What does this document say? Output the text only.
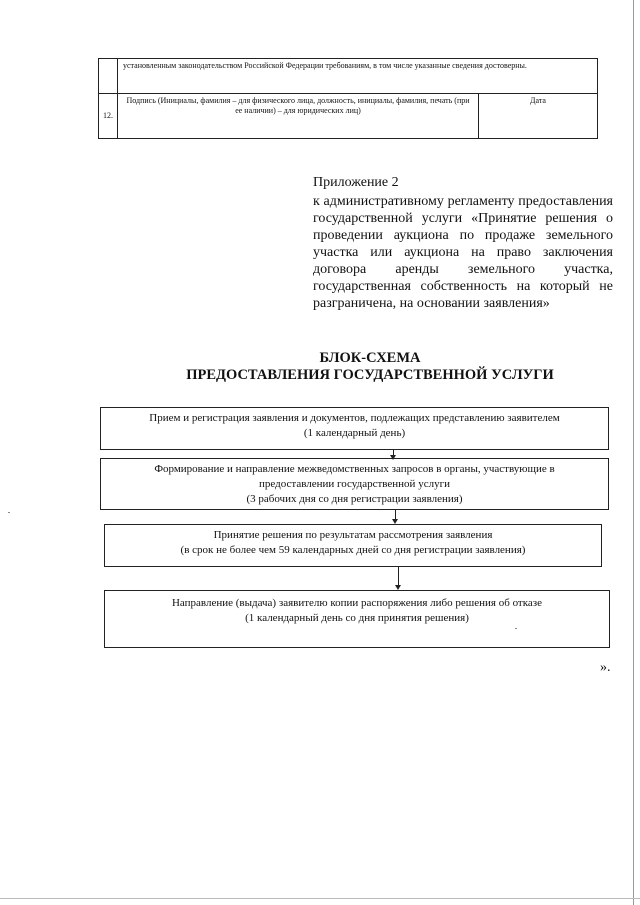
	установленным законодательством Российской Федерации требованиям, в том числе указанные сведения достоверны.	
12.	Подпись (Инициалы, фамилия – для физического лица, должность, инициалы, фамилия, печать (при ее наличии) – для юридических лиц)	Дата
Приложение 2
к административному регламенту предоставления государственной услуги «Принятие решения о проведении аукциона по продаже земельного участка или аукциона на право заключения договора аренды земельного участка, государственная собственность на который не разграничена, на основании заявления»
БЛОК-СХЕМА
ПРЕДОСТАВЛЕНИЯ ГОСУДАРСТВЕННОЙ УСЛУГИ
Прием и регистрация заявления и документов, подлежащих представлению заявителем
(1 календарный день)
Формирование и направление межведомственных запросов в органы, участвующие в
предоставлении государственной услуги
(3 рабочих дня со дня регистрации заявления)
Принятие решения по результатам рассмотрения заявления
(в срок не более чем 59 календарных дней со дня регистрации заявления)
Направление (выдача) заявителю копии распоряжения либо решения об отказе
(1 календарный день со дня принятия решения)
».
